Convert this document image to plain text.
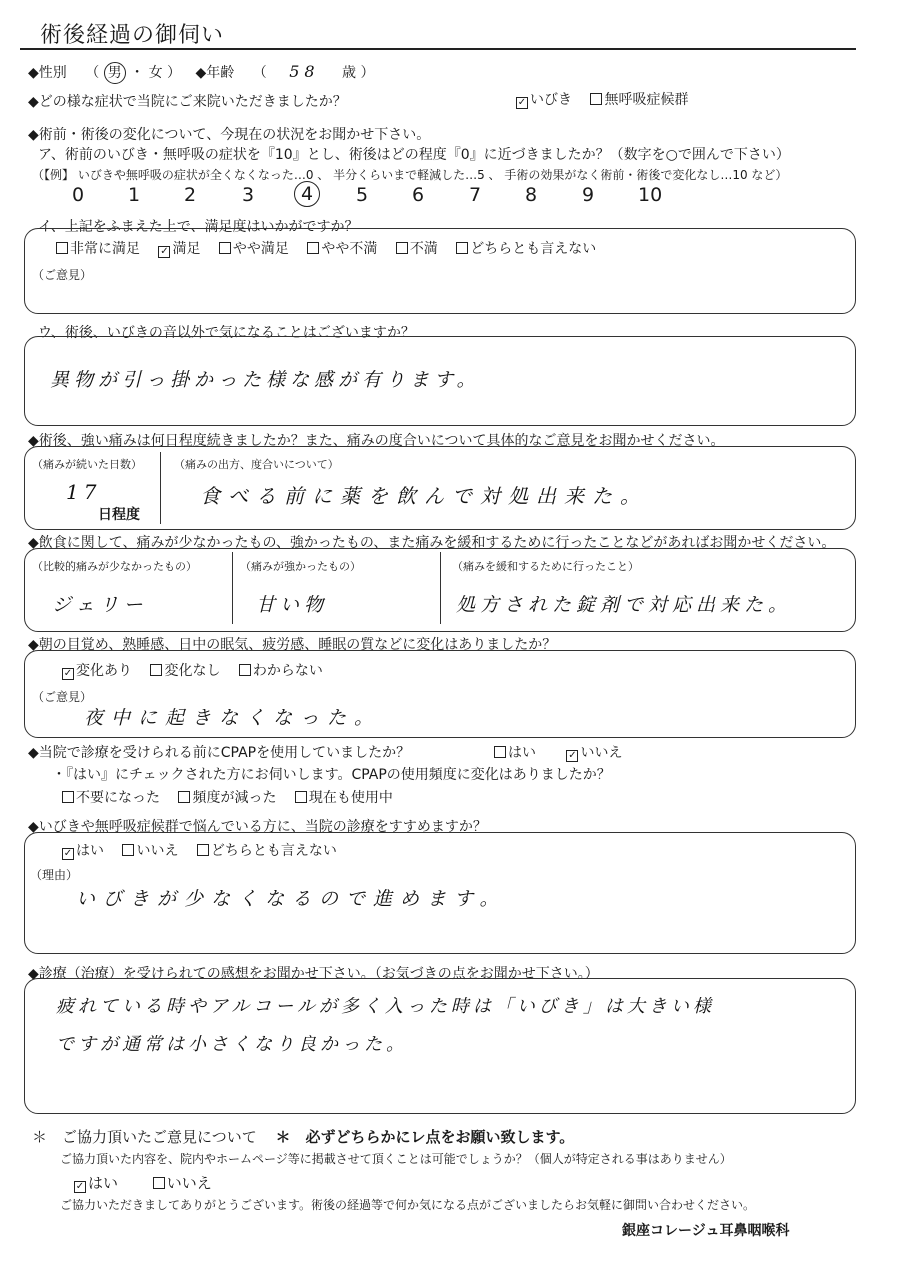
術後経過の御伺い
◆性別 （ 男 ・ 女 ） ◆年齢 （ 58 歳 ）
◆どの様な症状で当院にご来院いただきましたか？	✓ いびき 無呼吸症候群
◆術前・術後の変化について、今現在の状況をお聞かせ下さい。
ア、術前のいびき・無呼吸の症状を『10』とし、術後はどの程度『0』に近づきましたか？（数字を○で囲んで下さい）
（【例】 いびきや無呼吸の症状が全くなくなった…0 、 半分くらいまで軽減した…5 、 手術の効果がなく術前・術後で変化なし…10 など）
0 1 2 3	4	5 6 7 8 9 10
イ、上記をふまえた上で、満足度はいかがですか？
非常に満足 ✓ 満足 やや満足 やや不満 不満 どちらとも言えない
（ご意見）
ウ、術後、いびきの音以外で気になることはございますか？
異物が引っ掛かった様な感が有ります。
◆術後、強い痛みは何日程度続きましたか？また、痛みの度合いについて具体的なご意見をお聞かせください。
（痛みが続いた日数）
17
日程度
（痛みの出方、度合いについて）
食べる前に薬を飲んで対処出来た。
◆飲食に関して、痛みが少なかったもの、強かったもの、また痛みを緩和するために行ったことなどがあればお聞かせください。
（比較的痛みが少なかったもの）
ジェリー
（痛みが強かったもの）
甘い物
（痛みを緩和するために行ったこと）
処方された錠剤で対応出来た。
◆朝の目覚め、熟睡感、日中の眠気、疲労感、睡眠の質などに変化はありましたか？
✓ 変化あり 変化なし わからない
（ご意見）
夜中に起きなくなった。
◆当院で診療を受けられる前にCPAPを使用していましたか？	はい	✓ いいえ
・『はい』にチェックされた方にお伺いします。CPAPの使用頻度に変化はありましたか？
不要になった 頻度が減った 現在も使用中
◆いびきや無呼吸症候群で悩んでいる方に、当院の診療をすすめますか？
✓ はい いいえ どちらとも言えない
（理由）
いびきが少なくなるので進めます。
◆診療（治療）を受けられての感想をお聞かせ下さい。（お気づきの点をお聞かせ下さい。）
疲れている時やアルコールが多く入った時は「いびき」は大きい様
ですが通常は小さくなり良かった。
＊　ご協力頂いたご意見について ＊　必ずどちらかにレ点をお願い致します。
ご協力頂いた内容を、院内やホームページ等に掲載させて頂くことは可能でしょうか？（個人が特定される事はありません）
✓ はい	いいえ
ご協力いただきましてありがとうございます。術後の経過等で何か気になる点がございましたらお気軽に御問い合わせください。
銀座コレージュ耳鼻咽喉科
